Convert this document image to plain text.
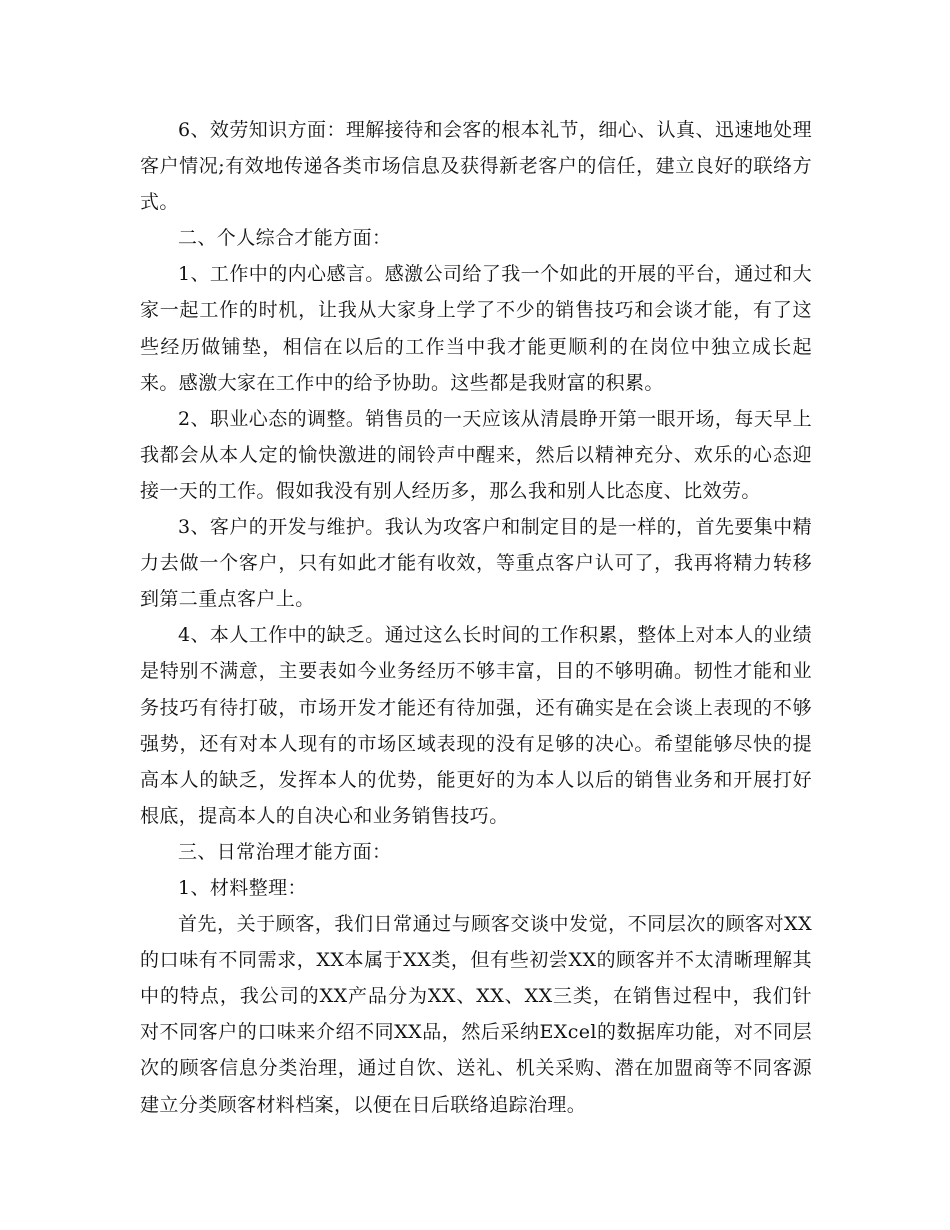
6、效劳知识方面：理解接待和会客的根本礼节，细心、认真、迅速地处理客户情况;有效地传递各类市场信息及获得新老客户的信任，建立良好的联络方式。

二、个人综合才能方面：

1、工作中的内心感言。感激公司给了我一个如此的开展的平台，通过和大家一起工作的时机，让我从大家身上学了不少的销售技巧和会谈才能，有了这些经历做铺垫，相信在以后的工作当中我才能更顺利的在岗位中独立成长起来。感激大家在工作中的给予协助。这些都是我财富的积累。

2、职业心态的调整。销售员的一天应该从清晨睁开第一眼开场，每天早上我都会从本人定的愉快激进的闹铃声中醒来，然后以精神充分、欢乐的心态迎接一天的工作。假如我没有别人经历多，那么我和别人比态度、比效劳。

3、客户的开发与维护。我认为攻客户和制定目的是一样的，首先要集中精力去做一个客户，只有如此才能有收效，等重点客户认可了，我再将精力转移到第二重点客户上。

4、本人工作中的缺乏。通过这么长时间的工作积累，整体上对本人的业绩是特别不满意，主要表如今业务经历不够丰富，目的不够明确。韧性才能和业务技巧有待打破，市场开发才能还有待加强，还有确实是在会谈上表现的不够强势，还有对本人现有的市场区域表现的没有足够的决心。希望能够尽快的提高本人的缺乏，发挥本人的优势，能更好的为本人以后的销售业务和开展打好根底，提高本人的自决心和业务销售技巧。

三、日常治理才能方面：

1、材料整理：

首先，关于顾客，我们日常通过与顾客交谈中发觉，不同层次的顾客对XX的口味有不同需求，XX本属于XX类，但有些初尝XX的顾客并不太清晰理解其中的特点，我公司的XX产品分为XX、XX、XX三类，在销售过程中，我们针对不同客户的口味来介绍不同XX品，然后采纳EXcel的数据库功能，对不同层次的顾客信息分类治理，通过自饮、送礼、机关采购、潜在加盟商等不同客源建立分类顾客材料档案，以便在日后联络追踪治理。
